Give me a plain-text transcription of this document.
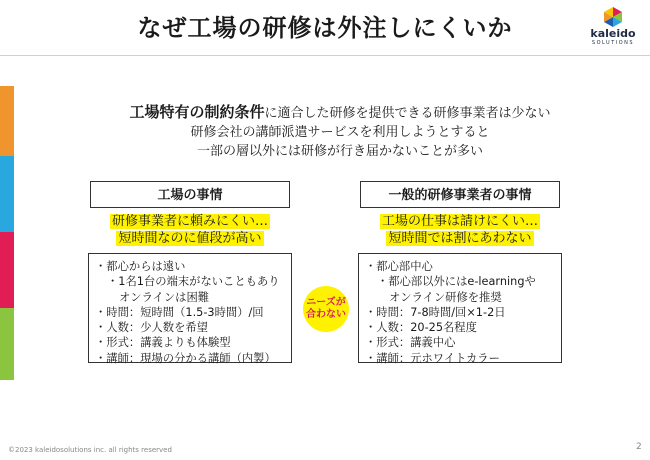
なぜ工場の研修は外注しにくいか	kaleido
SOLUTIONS
工場特有の制約条件に適合した研修を提供できる研修事業者は少ない
研修会社の講師派遣サービスを利用しようとすると
一部の層以外には研修が行き届かないことが多い
工場の事情	一般的研修事業者の事情
研修事業者に頼みにくい…
短時間なのに値段が高い
工場の仕事は請けにくい…
短時間では割にあわない
・都心からは遠い
・1名1台の端末がないこともあり
オンラインは困難
・時間：短時間（1.5-3時間）/回
・人数：少人数を希望
・形式：講義よりも体験型
・講師：現場の分かる講師（内製）
・都心部中心
・都心部以外にはe-learningや
オンライン研修を推奨
・時間：7-8時間/回×1-2日
・人数：20-25名程度
・形式：講義中心
・講師：元ホワイトカラー
ニーズが
合わない
©2023 kaleidosolutions inc. all rights reserved	2
